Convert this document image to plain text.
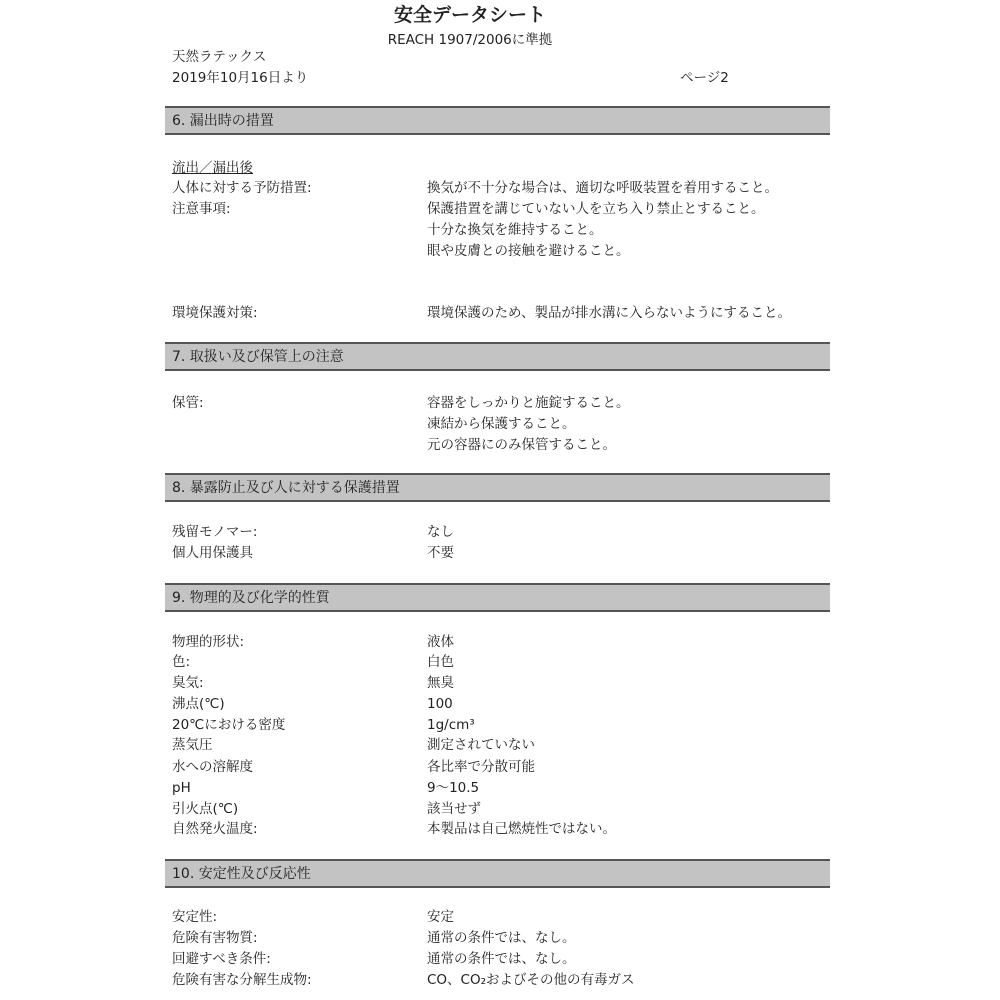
安全データシート
REACH 1907/2006に準拠
天然ラテックス
2019年10月16日より	ページ2
6. 漏出時の措置
流出／漏出後
人体に対する予防措置:	換気が不十分な場合は、適切な呼吸装置を着用すること。
注意事項:	保護措置を講じていない人を立ち入り禁止とすること。
十分な換気を維持すること。
眼や皮膚との接触を避けること。
環境保護対策:	環境保護のため、製品が排水溝に入らないようにすること。
7. 取扱い及び保管上の注意
保管:	容器をしっかりと施錠すること。
凍結から保護すること。
元の容器にのみ保管すること。
8. 暴露防止及び人に対する保護措置
残留モノマー:	なし
個人用保護具	不要
9. 物理的及び化学的性質
物理的形状:	液体
色:	白色
臭気:	無臭
沸点(℃)	100
20℃における密度	1g/cm³
蒸気圧	測定されていない
水への溶解度	各比率で分散可能
pH	9～10.5
引火点(℃)	該当せず
自然発火温度:	本製品は自己燃焼性ではない。
10. 安定性及び反応性
安定性:	安定
危険有害物質:	通常の条件では、なし。
回避すべき条件:	通常の条件では、なし。
危険有害な分解生成物:	CO、CO₂およびその他の有毒ガス
